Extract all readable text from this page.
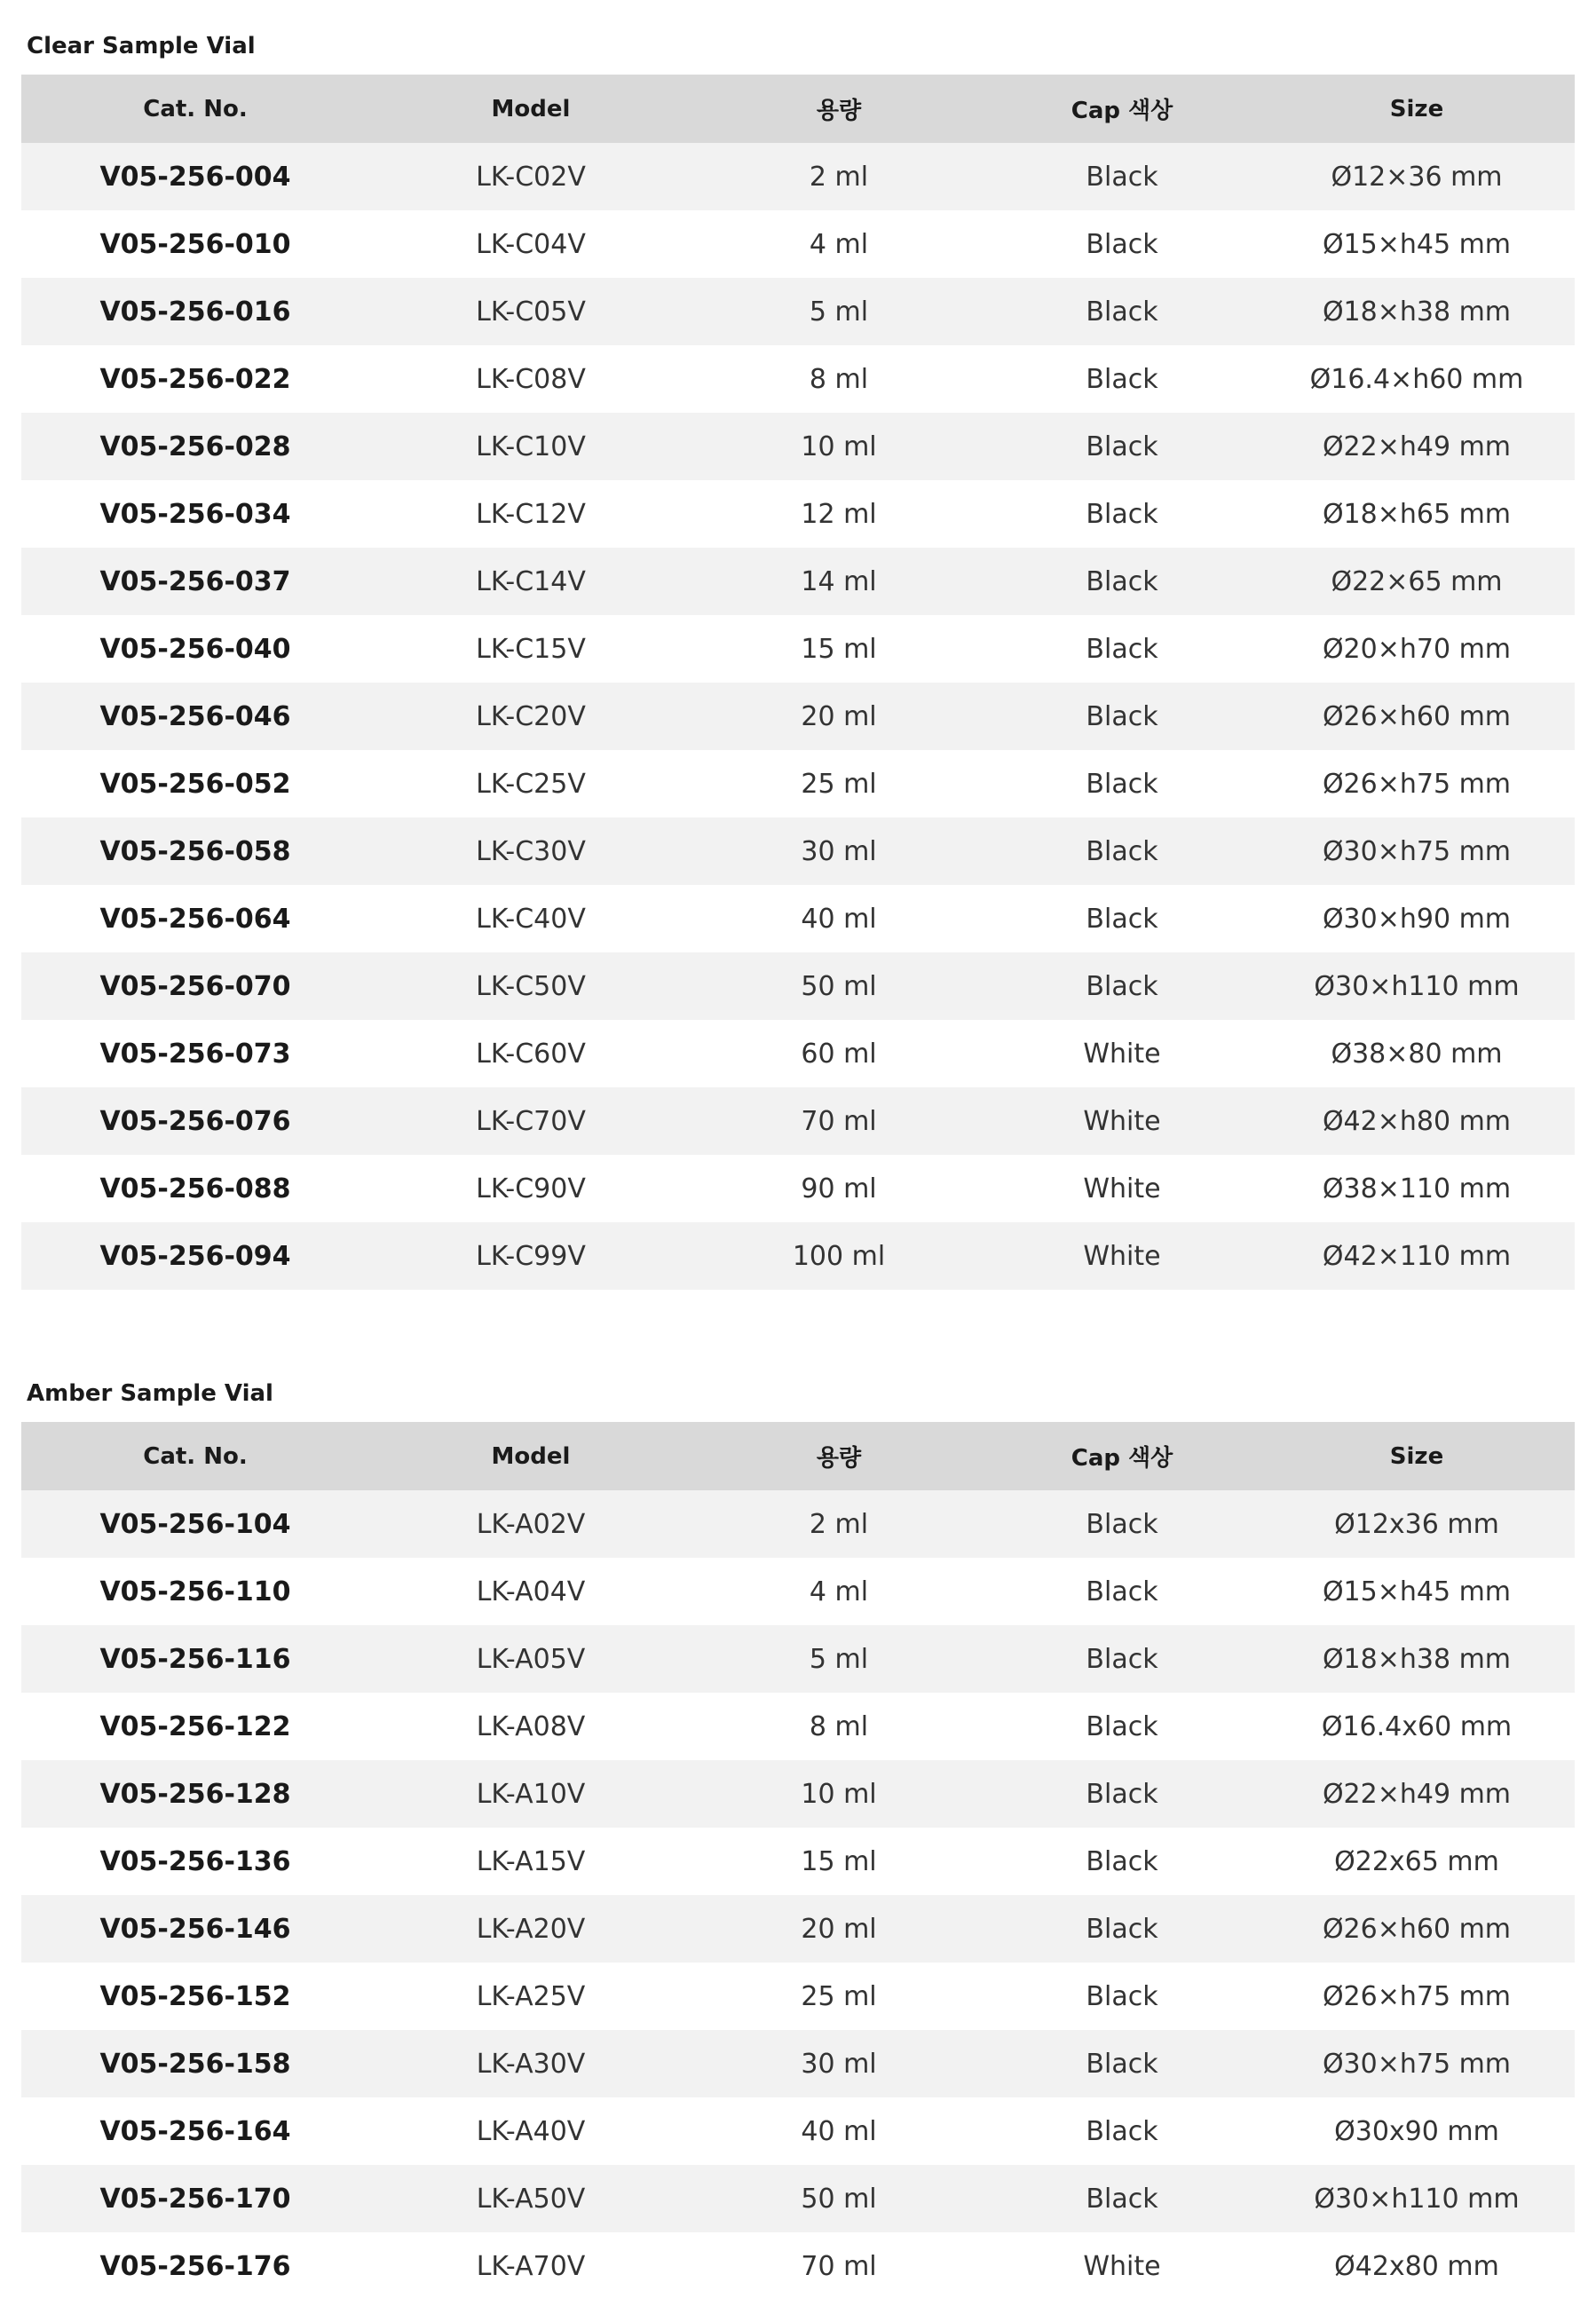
Clear Sample Vial
Cat. No.	Model	용량	Cap 색상	Size
V05-256-004	LK-C02V	2 ml	Black	Ø12×36 mm
V05-256-010	LK-C04V	4 ml	Black	Ø15×h45 mm
V05-256-016	LK-C05V	5 ml	Black	Ø18×h38 mm
V05-256-022	LK-C08V	8 ml	Black	Ø16.4×h60 mm
V05-256-028	LK-C10V	10 ml	Black	Ø22×h49 mm
V05-256-034	LK-C12V	12 ml	Black	Ø18×h65 mm
V05-256-037	LK-C14V	14 ml	Black	Ø22×65 mm
V05-256-040	LK-C15V	15 ml	Black	Ø20×h70 mm
V05-256-046	LK-C20V	20 ml	Black	Ø26×h60 mm
V05-256-052	LK-C25V	25 ml	Black	Ø26×h75 mm
V05-256-058	LK-C30V	30 ml	Black	Ø30×h75 mm
V05-256-064	LK-C40V	40 ml	Black	Ø30×h90 mm
V05-256-070	LK-C50V	50 ml	Black	Ø30×h110 mm
V05-256-073	LK-C60V	60 ml	White	Ø38×80 mm
V05-256-076	LK-C70V	70 ml	White	Ø42×h80 mm
V05-256-088	LK-C90V	90 ml	White	Ø38×110 mm
V05-256-094	LK-C99V	100 ml	White	Ø42×110 mm
Amber Sample Vial
Cat. No.	Model	용량	Cap 색상	Size
V05-256-104	LK-A02V	2 ml	Black	Ø12x36 mm
V05-256-110	LK-A04V	4 ml	Black	Ø15×h45 mm
V05-256-116	LK-A05V	5 ml	Black	Ø18×h38 mm
V05-256-122	LK-A08V	8 ml	Black	Ø16.4x60 mm
V05-256-128	LK-A10V	10 ml	Black	Ø22×h49 mm
V05-256-136	LK-A15V	15 ml	Black	Ø22x65 mm
V05-256-146	LK-A20V	20 ml	Black	Ø26×h60 mm
V05-256-152	LK-A25V	25 ml	Black	Ø26×h75 mm
V05-256-158	LK-A30V	30 ml	Black	Ø30×h75 mm
V05-256-164	LK-A40V	40 ml	Black	Ø30x90 mm
V05-256-170	LK-A50V	50 ml	Black	Ø30×h110 mm
V05-256-176	LK-A70V	70 ml	White	Ø42x80 mm
